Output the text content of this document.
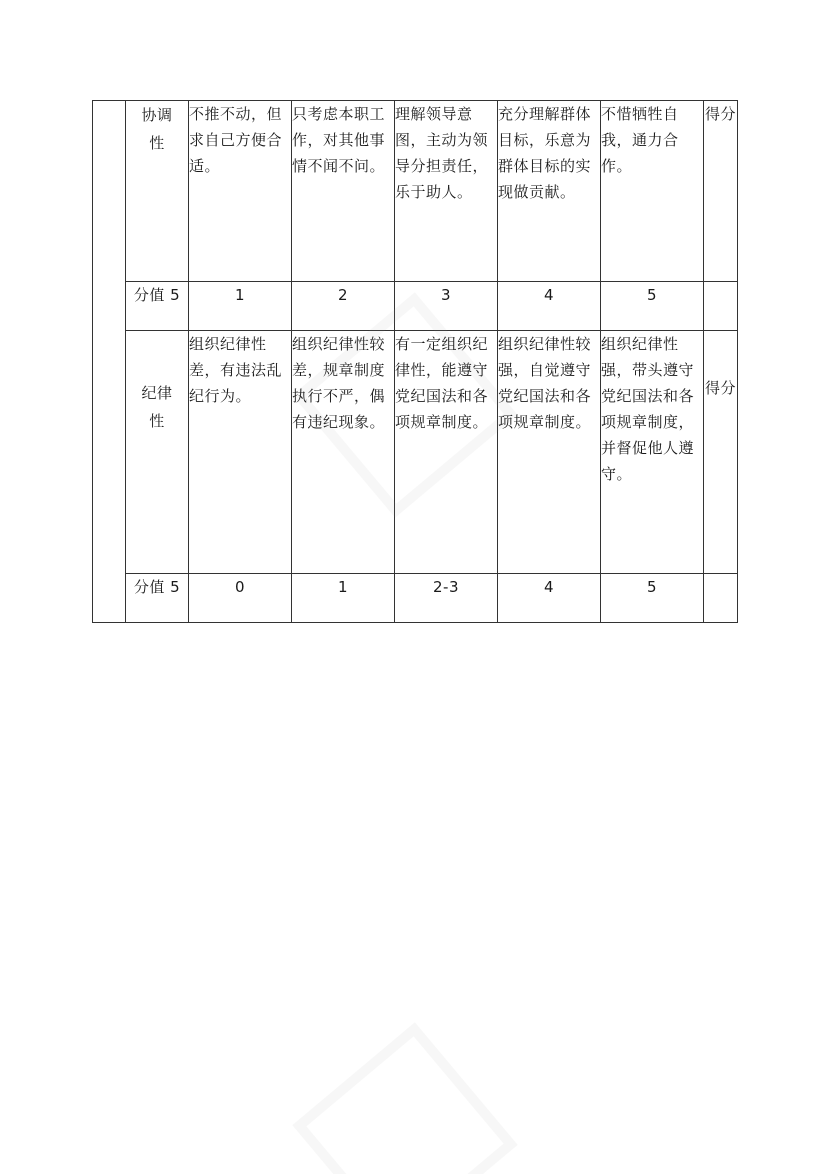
	协调性	不推不动，但求自己方便合适。	只考虑本职工作，对其他事情不闻不问。	理解领导意图，主动为领导分担责任，乐于助人。	充分理解群体目标，乐意为群体目标的实现做贡献。	不惜牺牲自我，通力合作。	得分
	分值 5	1	2	3	4	5	
	纪律性	组织纪律性差，有违法乱纪行为。	组织纪律性较差，规章制度执行不严，偶有违纪现象。	有一定组织纪律性，能遵守党纪国法和各项规章制度。	组织纪律性较强，自觉遵守党纪国法和各项规章制度。	组织纪律性强，带头遵守党纪国法和各项规章制度，并督促他人遵守。	得分
	分值 5	0	1	2-3	4	5	
